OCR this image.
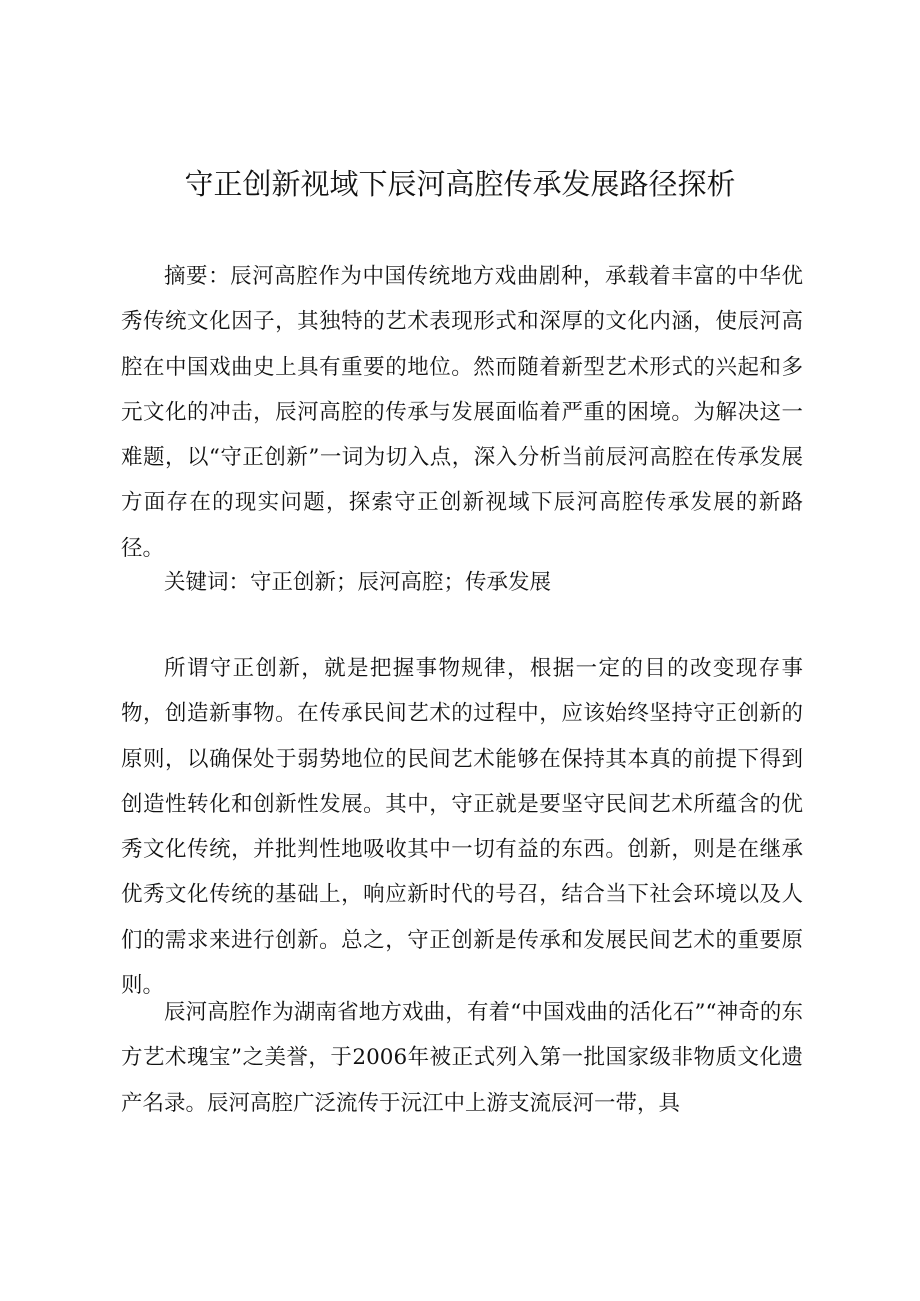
守正创新视域下辰河高腔传承发展路径探析

摘要：辰河高腔作为中国传统地方戏曲剧种，承载着丰富的中华优秀传统文化因子，其独特的艺术表现形式和深厚的文化内涵，使辰河高腔在中国戏曲史上具有重要的地位。然而随着新型艺术形式的兴起和多元文化的冲击，辰河高腔的传承与发展面临着严重的困境。为解决这一难题，以“守正创新”一词为切入点，深入分析当前辰河高腔在传承发展方面存在的现实问题，探索守正创新视域下辰河高腔传承发展的新路径。

关键词：守正创新；辰河高腔；传承发展

所谓守正创新，就是把握事物规律，根据一定的目的改变现存事物，创造新事物。在传承民间艺术的过程中，应该始终坚持守正创新的原则，以确保处于弱势地位的民间艺术能够在保持其本真的前提下得到创造性转化和创新性发展。其中，守正就是要坚守民间艺术所蕴含的优秀文化传统，并批判性地吸收其中一切有益的东西。创新，则是在继承优秀文化传统的基础上，响应新时代的号召，结合当下社会环境以及人们的需求来进行创新。总之，守正创新是传承和发展民间艺术的重要原则。

辰河高腔作为湖南省地方戏曲，有着“中国戏曲的活化石”“神奇的东方艺术瑰宝”之美誉，于2006年被正式列入第一批国家级非物质文化遗产名录。辰河高腔广泛流传于沅江中上游支流辰河一带，具
